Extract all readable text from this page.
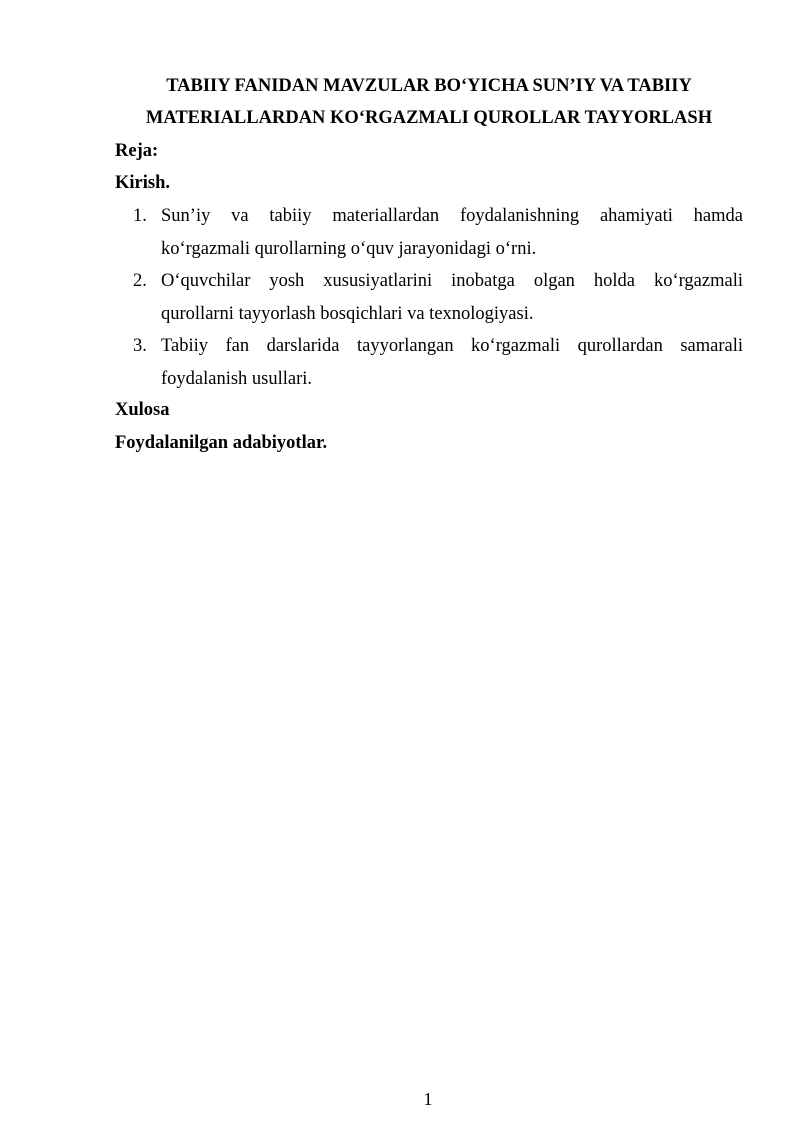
TABIIY FANIDAN MAVZULAR BO‘YICHA SUN’IY VA TABIIY
MATERIALLARDAN KO‘RGAZMALI QUROLLAR TAYYORLASH
Reja:
Kirish.
1. Sun’iy va tabiiy materiallardan foydalanishning ahamiyati hamda
ko‘rgazmali qurollarning o‘quv jarayonidagi o‘rni.
2. O‘quvchilar yosh xususiyatlarini inobatga olgan holda ko‘rgazmali
qurollarni tayyorlash bosqichlari va texnologiyasi.
3. Tabiiy fan darslarida tayyorlangan ko‘rgazmali qurollardan samarali
foydalanish usullari.
Xulosa
Foydalanilgan adabiyotlar.
1
